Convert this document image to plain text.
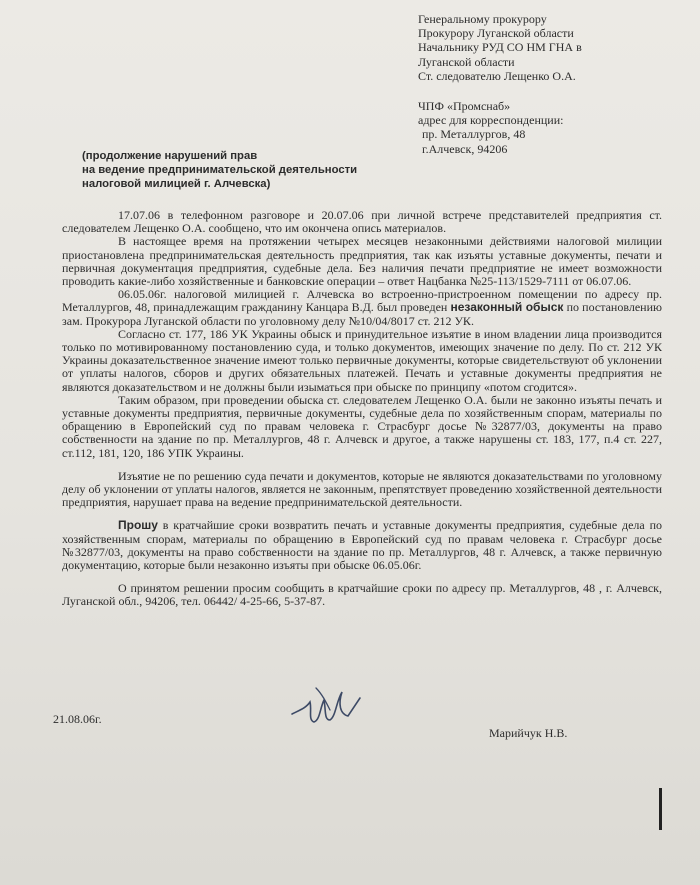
Генеральному прокурору
Прокурору Луганской области
Начальнику РУД СО НМ ГНА в
Луганской области
Ст. следователю Лещенко О.А.
ЧПФ «Промснаб»
адрес для корреспонденции:
пр. Металлургов, 48
г.Алчевск, 94206
(продолжение нарушений прав
на ведение предпринимательской деятельности
налоговой милицией г. Алчевска)

17.07.06 в телефонном разговоре и 20.07.06 при личной встрече представителей предприятия ст. следователем Лещенко О.А. сообщено, что им окончена опись материалов.

В настоящее время на протяжении четырех месяцев незаконными действиями налоговой милиции приостановлена предпринимательская деятельность предприятия, так как изъяты уставные документы, печати и первичная документация предприятия, судебные дела. Без наличия печати предприятие не имеет возможности проводить какие-либо хозяйственные и банковские операции – ответ Нацбанка №25-113/1529-7111 от 06.07.06.

06.05.06г. налоговой милицией г. Алчевска во встроенно-пристроенном помещении по адресу пр. Металлургов, 48, принадлежащим гражданину Канцара В.Д. был проведен незаконный обыск по постановлению зам. Прокурора Луганской области по уголовному делу №10/04/8017 ст. 212 УК.

Согласно ст. 177, 186 УК Украины обыск и принудительное изъятие в ином владении лица производится только по мотивированному постановлению суда, и только документов, имеющих значение по делу. По ст. 212 УК Украины доказательственное значение имеют только первичные документы, которые свидетельствуют об уклонении от уплаты налогов, сборов и других обязательных платежей. Печать и уставные документы предприятия не являются доказательством и не должны были изыматься при обыске по принципу «потом сгодится».

Таким образом, при проведении обыска ст. следователем Лещенко О.А. были не законно изъяты печать и уставные документы предприятия, первичные документы, судебные дела по хозяйственным спорам, материалы по обращению в Европейский суд по правам человека г. Страсбург досье №32877/03, документы на право собственности на здание по пр. Металлургов, 48 г. Алчевск и другое, а также нарушены ст. 183, 177, п.4 ст. 227, ст.112, 181, 120, 186 УПК Украины.

Изъятие не по решению суда печати и документов, которые не являются доказательствами по уголовному делу об уклонении от уплаты налогов, является не законным, препятствует проведению хозяйственной деятельности предприятия, нарушает права на ведение предпринимательской деятельности.

Прошу в кратчайшие сроки возвратить печать и уставные документы предприятия, судебные дела по хозяйственным спорам, материалы по обращению в Европейский суд по правам человека г. Страсбург досье №32877/03, документы на право собственности на здание по пр. Металлургов, 48 г. Алчевск, а также первичную документацию, которые были незаконно изъяты при обыске 06.05.06г.

О принятом решении просим сообщить в кратчайшие сроки по адресу пр. Металлургов, 48 , г. Алчевск, Луганской обл., 94206, тел. 06442/ 4-25-66, 5-37-87.

21.08.06г.
Марийчук Н.В.
